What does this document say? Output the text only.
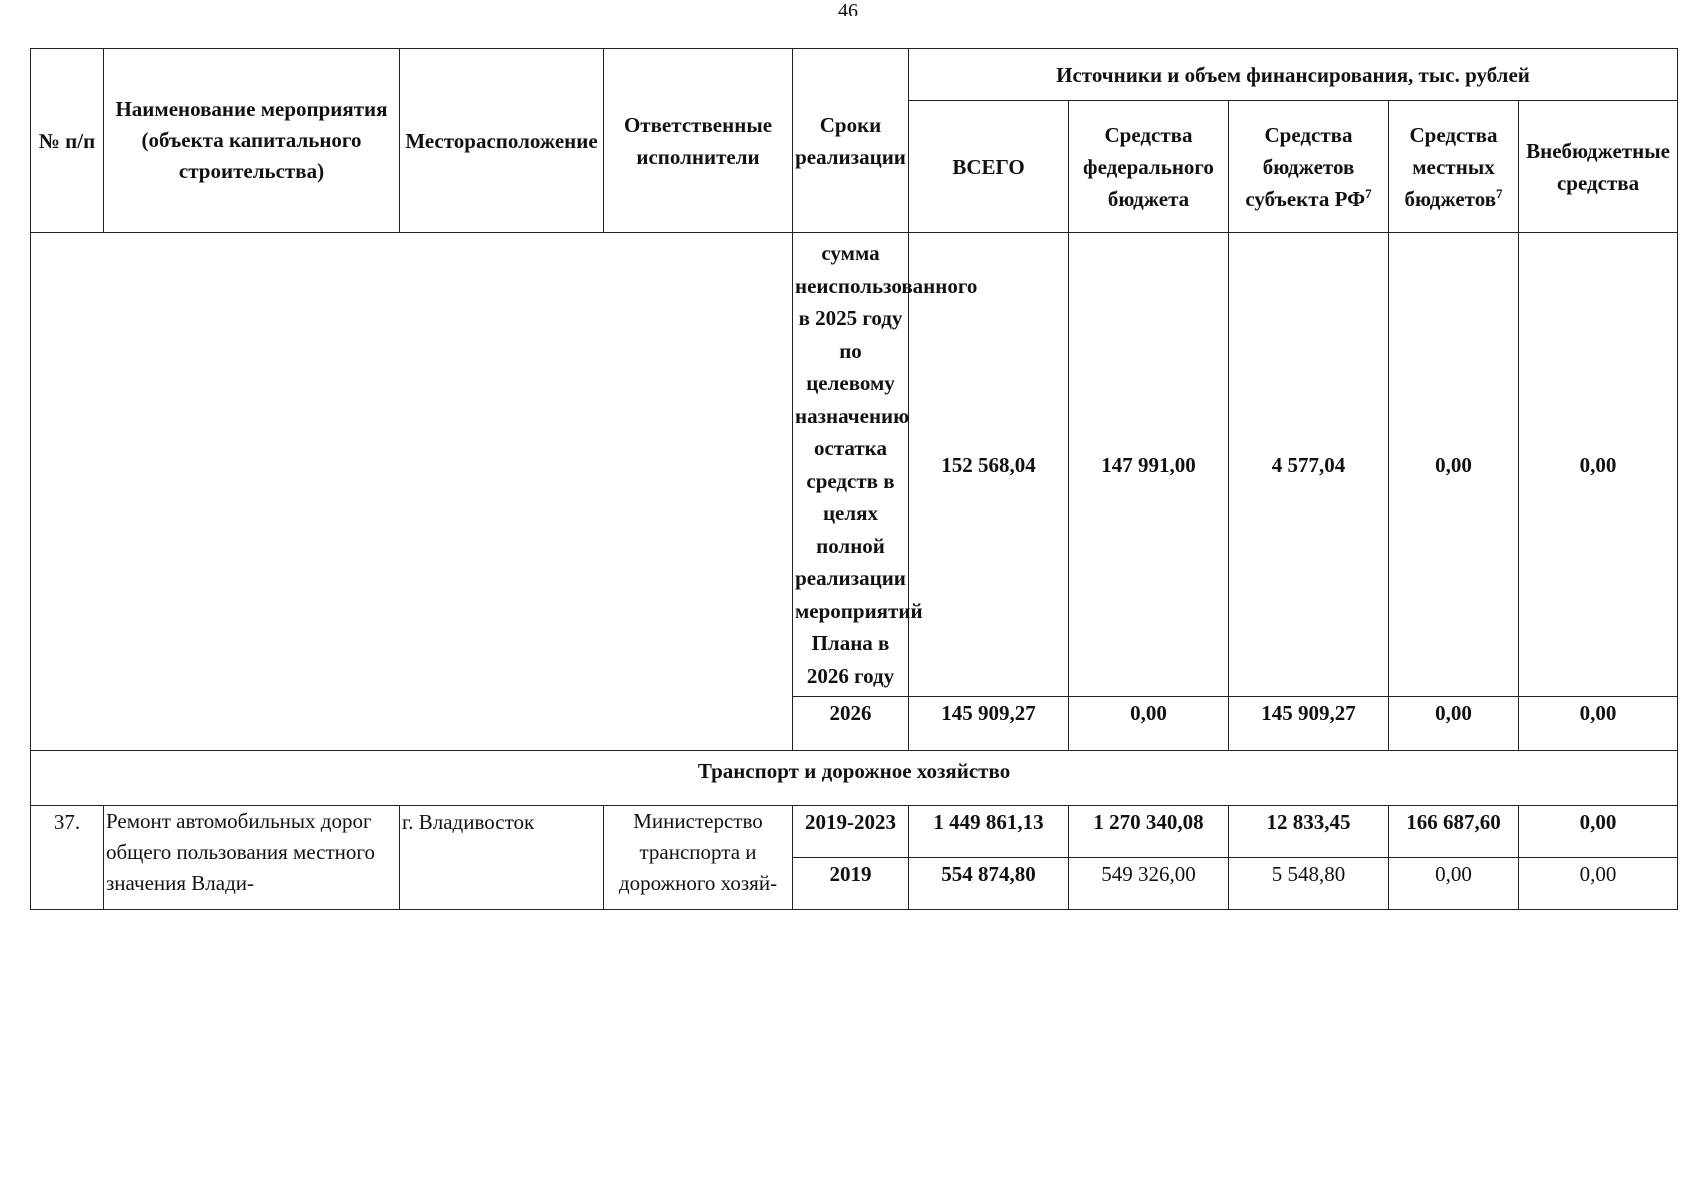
46
№ п/п	Наименование мероприятия (объекта капитального строительства)	Месторасположение	Ответственные исполнители	Сроки реализации	Источники и объем финансирования, тыс. рублей				
					ВСЕГО	Средства федерального бюджета	Средства бюджетов субъекта $РФ^7$	Средства местных бюджетов$^7$	Внебюджетные средства
				сумма неиспользованного в 2025 году по целевому назначению остатка средств в целях полной реализации мероприятий Плана в 2026 году	152 568,04	147 991,00	4 577,04	0,00	0,00
				2026	145 909,27	0,00	145 909,27	0,00	0,00
Транспорт и дорожное хозяйство									
37.	Ремонт автомобильных дорог общего пользования местного значения Влади-	г. Владивосток	Министерство транспорта и дорожного хозяй-	2019-2023	1 449 861,13	1 270 340,08	12 833,45	166 687,60	0,00
				2019	554 874,80	549 326,00	5 548,80	0,00	0,00
